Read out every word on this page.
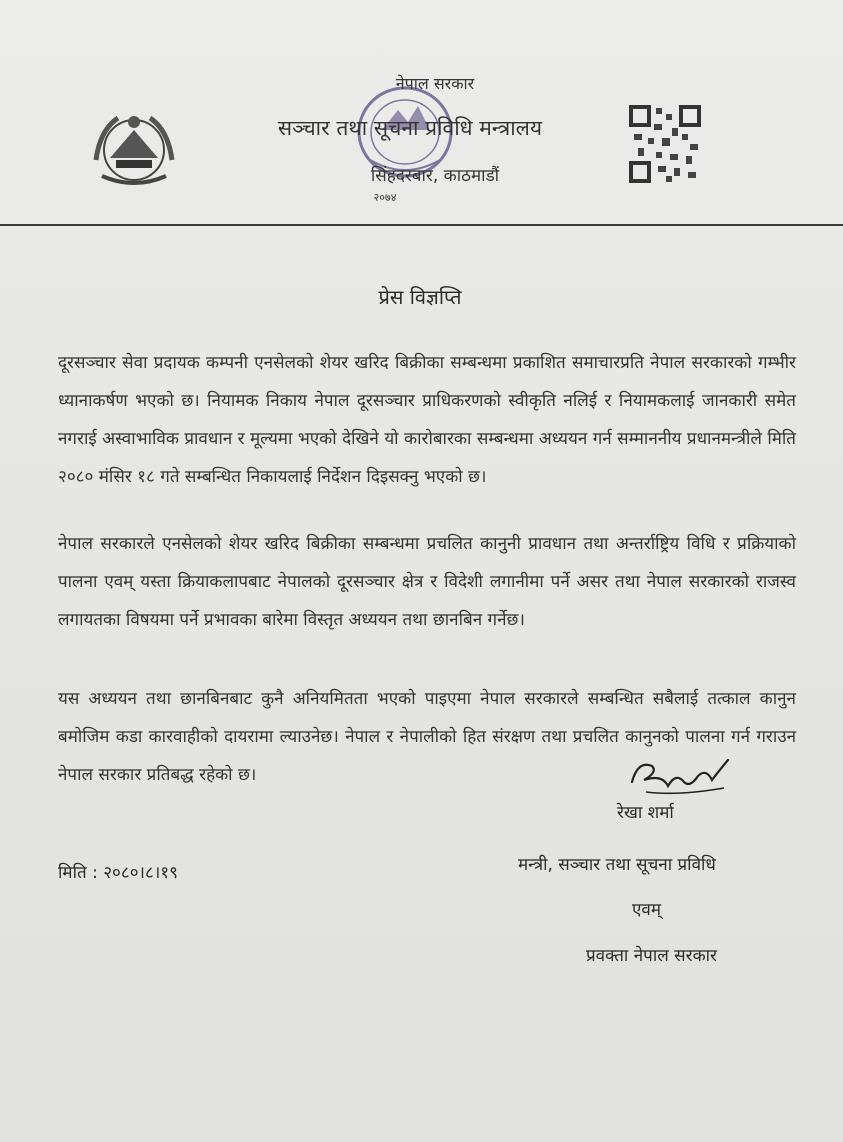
नेपाल सरकार
सञ्चार तथा सूचना प्रविधि मन्त्रालय
सिंहदरबार, काठमाडौं
२०७४
प्रेस विज्ञप्ति
दूरसञ्चार सेवा प्रदायक कम्पनी एनसेलको शेयर खरिद बिक्रीका सम्बन्धमा प्रकाशित समाचारप्रति नेपाल सरकारको गम्भीर ध्यानाकर्षण भएको छ। नियामक निकाय नेपाल दूरसञ्चार प्राधिकरणको स्वीकृति नलिई र नियामकलाई जानकारी समेत नगराई अस्वाभाविक प्रावधान र मूल्यमा भएको देखिने यो कारोबारका सम्बन्धमा अध्ययन गर्न सम्माननीय प्रधानमन्त्रीले मिति २०८० मंसिर १८ गते सम्बन्धित निकायलाई निर्देशन दिइसक्नु भएको छ।
नेपाल सरकारले एनसेलको शेयर खरिद बिक्रीका सम्बन्धमा प्रचलित कानुनी प्रावधान तथा अन्तर्राष्ट्रिय विधि र प्रक्रियाको पालना एवम् यस्ता क्रियाकलापबाट नेपालको दूरसञ्चार क्षेत्र र विदेशी लगानीमा पर्ने असर तथा नेपाल सरकारको राजस्व लगायतका विषयमा पर्ने प्रभावका बारेमा विस्तृत अध्ययन तथा छानबिन गर्नेछ।
यस अध्ययन तथा छानबिनबाट कुनै अनियमितता भएको पाइएमा नेपाल सरकारले सम्बन्धित सबैलाई तत्काल कानुन बमोजिम कडा कारवाहीको दायरामा ल्याउनेछ। नेपाल र नेपालीको हित संरक्षण तथा प्रचलित कानुनको पालना गर्न गराउन नेपाल सरकार प्रतिबद्ध रहेको छ।
रेखा शर्मा
मिति : २०८०।८।१९	मन्त्री, सञ्चार तथा सूचना प्रविधि
एवम्
प्रवक्ता नेपाल सरकार
